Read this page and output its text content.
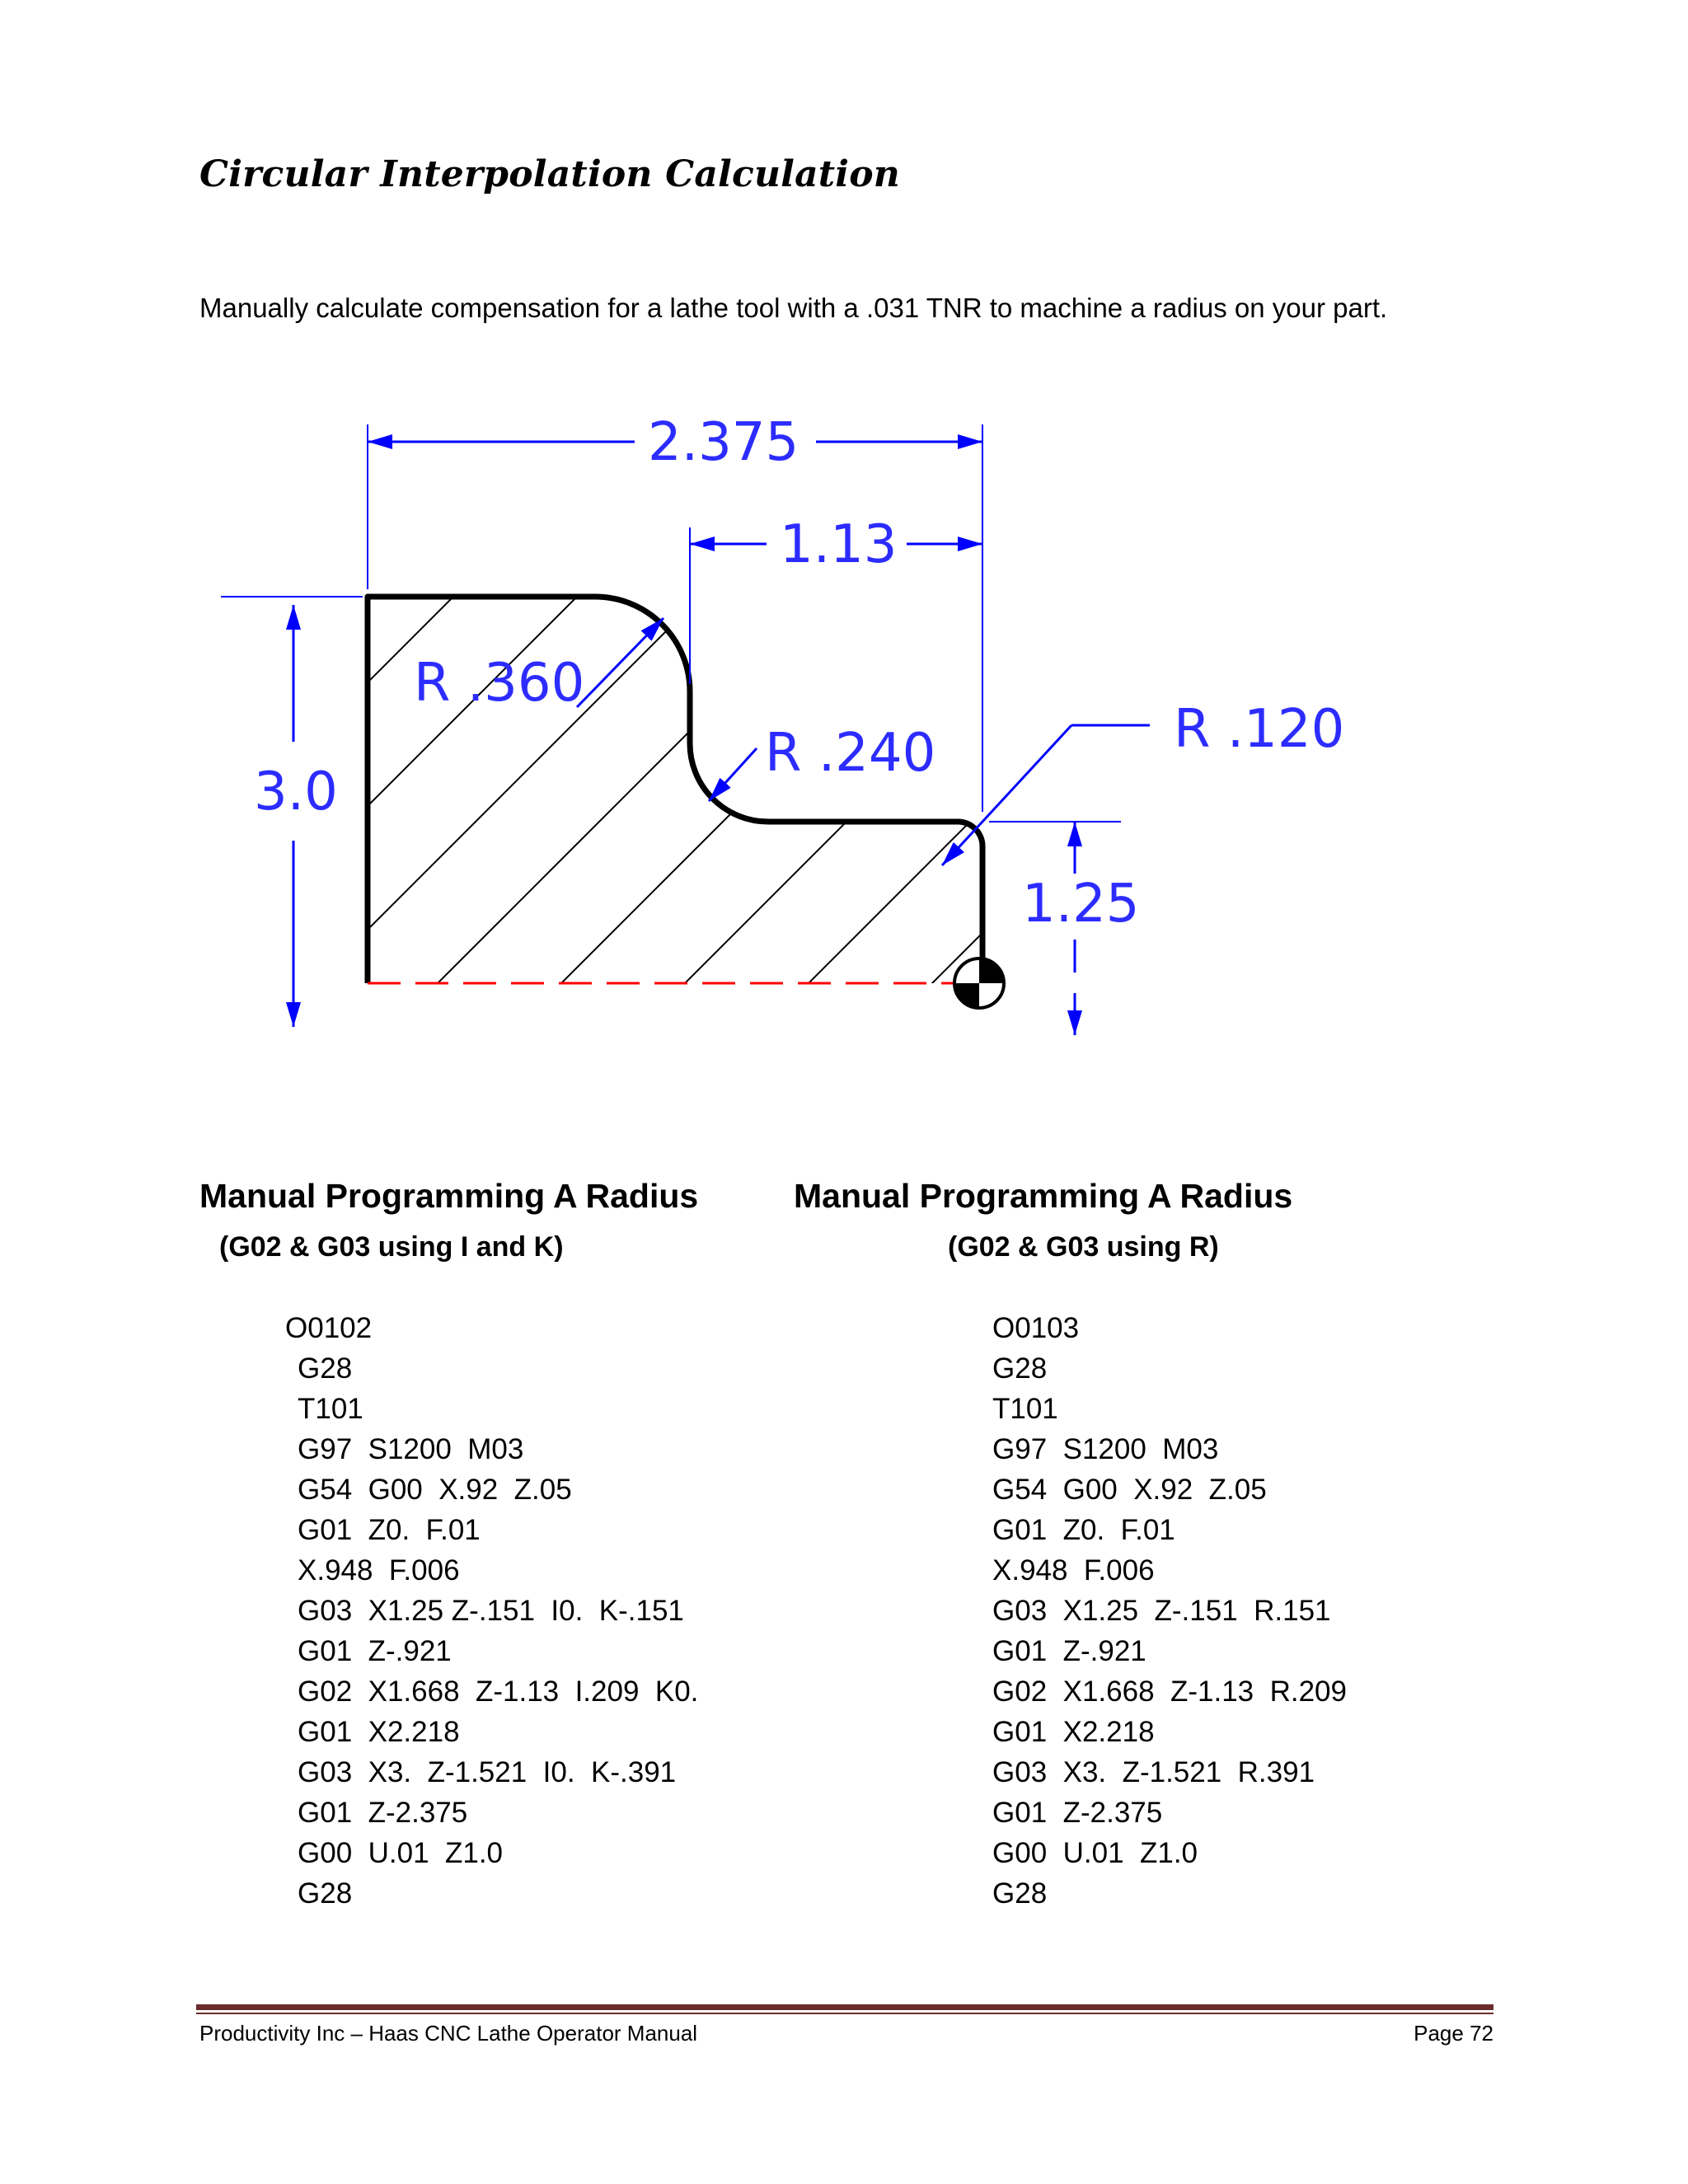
Circular Interpolation Calculation
Manually calculate compensation for a lathe tool with a .031 TNR to machine a radius on your part.
2.375
1.13
3.0
1.25
R .360
R .240	R .120
Manual Programming A Radius
(G02 & G03 using I and K)
O0102
G28
T101
G97  S1200  M03
G54  G00  X.92  Z.05
G01  Z0.  F.01
X.948  F.006
G03  X1.25 Z-.151  I0.  K-.151
G01  Z-.921
G02  X1.668  Z-1.13  I.209  K0.
G01  X2.218
G03  X3.  Z-1.521  I0.  K-.391
G01  Z-2.375
G00  U.01  Z1.0
G28
Manual Programming A Radius
(G02 & G03 using R)
O0103
G28
T101
G97  S1200  M03
G54  G00  X.92  Z.05
G01  Z0.  F.01
X.948  F.006
G03  X1.25  Z-.151  R.151
G01  Z-.921
G02  X1.668  Z-1.13  R.209
G01  X2.218
G03  X3.  Z-1.521  R.391
G01  Z-2.375
G00  U.01  Z1.0
G28
Productivity Inc – Haas CNC Lathe Operator Manual	Page 72
